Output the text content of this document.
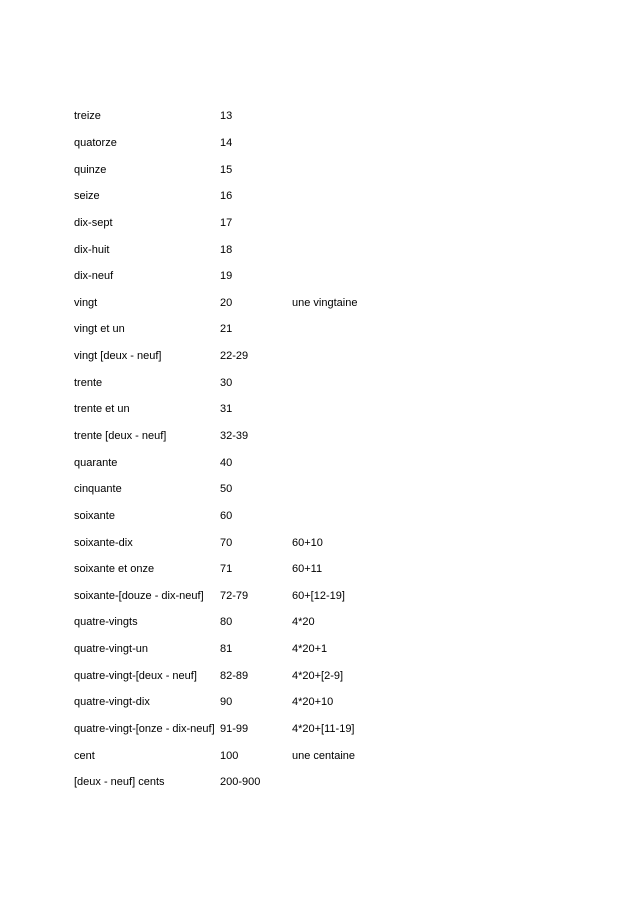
treize	13	
quatorze	14	
quinze	15	
seize	16	
dix-sept	17	
dix-huit	18	
dix-neuf	19	
vingt	20	une vingtaine
vingt et un	21	
vingt [deux - neuf]	22-29	
trente	30	
trente et un	31	
trente [deux - neuf]	32-39	
quarante	40	
cinquante	50	
soixante	60	
soixante-dix	70	60+10
soixante et onze	71	60+11
soixante-[douze - dix-neuf]	72-79	60+[12-19]
quatre-vingts	80	4*20
quatre-vingt-un	81	4*20+1
quatre-vingt-[deux - neuf]	82-89	4*20+[2-9]
quatre-vingt-dix	90	4*20+10
quatre-vingt-[onze - dix-neuf]	91-99	4*20+[11-19]
cent	100	une centaine
[deux - neuf] cents	200-900	
